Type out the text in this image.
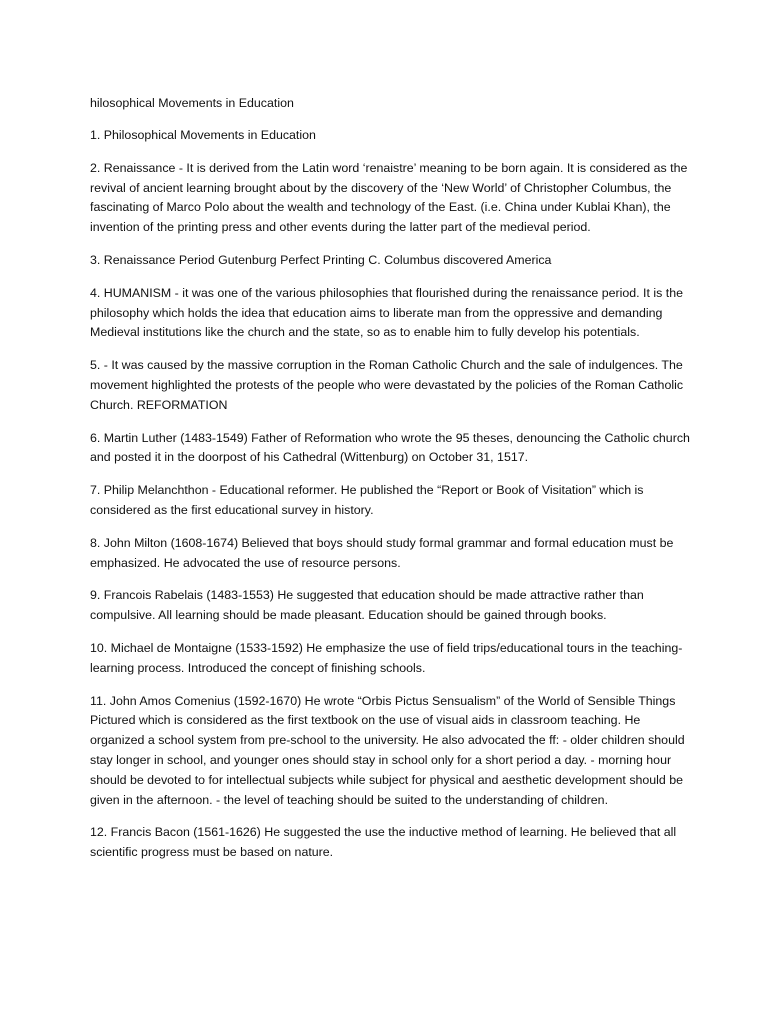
hilosophical Movements in Education

1. Philosophical Movements in Education

2. Renaissance - It is derived from the Latin word ‘renaistre’ meaning to be born again. It is considered as the revival of ancient learning brought about by the discovery of the ‘New World’ of Christopher Columbus, the fascinating of Marco Polo about the wealth and technology of the East. (i.e. China under Kublai Khan), the invention of the printing press and other events during the latter part of the medieval period.

3. Renaissance Period Gutenburg Perfect Printing C. Columbus discovered America

4. HUMANISM - it was one of the various philosophies that flourished during the renaissance period. It is the philosophy which holds the idea that education aims to liberate man from the oppressive and demanding Medieval institutions like the church and the state, so as to enable him to fully develop his potentials.

5. - It was caused by the massive corruption in the Roman Catholic Church and the sale of indulgences. The movement highlighted the protests of the people who were devastated by the policies of the Roman Catholic Church. REFORMATION

6. Martin Luther (1483-1549) Father of Reformation who wrote the 95 theses, denouncing the Catholic church and posted it in the doorpost of his Cathedral (Wittenburg) on October 31, 1517.

7. Philip Melanchthon - Educational reformer. He published the “Report or Book of Visitation” which is considered as the first educational survey in history.

8. John Milton (1608-1674) Believed that boys should study formal grammar and formal education must be emphasized. He advocated the use of resource persons.

9. Francois Rabelais (1483-1553) He suggested that education should be made attractive rather than compulsive. All learning should be made pleasant. Education should be gained through books.

10. Michael de Montaigne (1533-1592) He emphasize the use of field trips/educational tours in the teaching-learning process. Introduced the concept of finishing schools.

11. John Amos Comenius (1592-1670) He wrote “Orbis Pictus Sensualism” of the World of Sensible Things Pictured which is considered as the first textbook on the use of visual aids in classroom teaching. He organized a school system from pre-school to the university. He also advocated the ff: - older children should stay longer in school, and younger ones should stay in school only for a short period a day. - morning hour should be devoted to for intellectual subjects while subject for physical and aesthetic development should be given in the afternoon. - the level of teaching should be suited to the understanding of children.

12. Francis Bacon (1561-1626) He suggested the use the inductive method of learning. He believed that all scientific progress must be based on nature.
